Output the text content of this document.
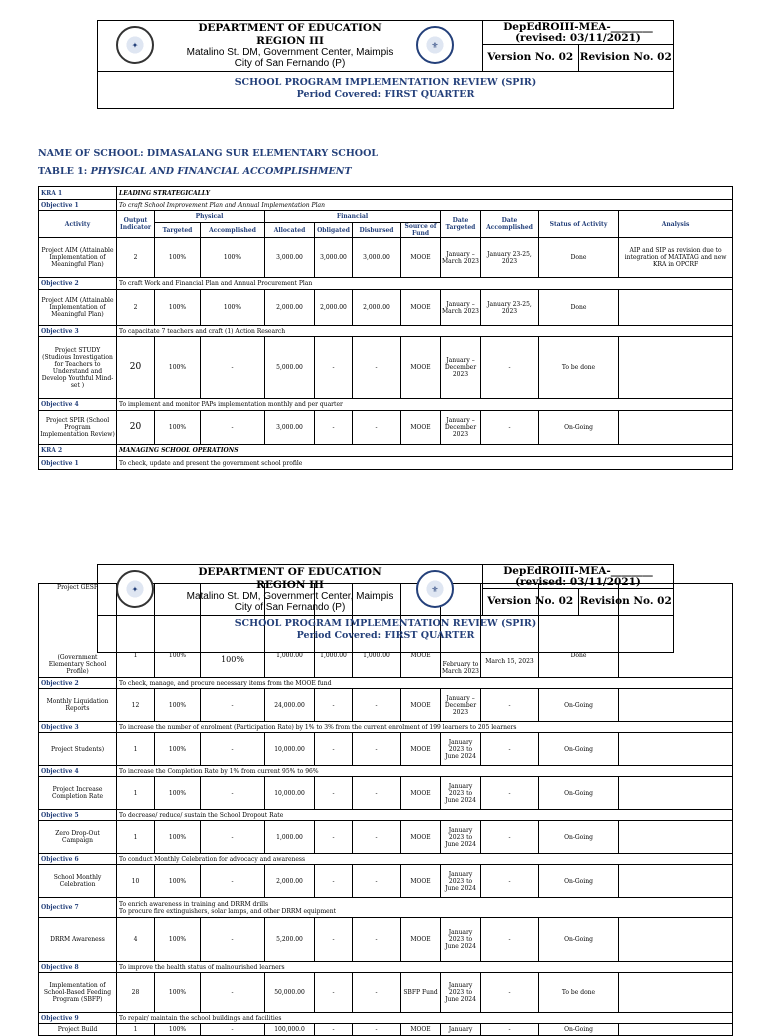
✦	⚜
DEPARTMENT OF EDUCATION
REGION III
Matalino St. DM, Government Center, Maimpis
City of San Fernando (P)
DepEdROIII-MEA-________
(revised: 03/11/2021)
Version No. 02 Revision No. 02
SCHOOL PROGRAM IMPLEMENTATION REVIEW (SPIR)
Period Covered: FIRST QUARTER
NAME OF SCHOOL: DIMASALANG SUR ELEMENTARY SCHOOL
TABLE 1: PHYSICAL AND FINANCIAL ACCOMPLISHMENT
KRA 1	LEADING STRATEGICALLY										
Objective 1	To craft School Improvement Plan and Annual Implementation Plan										
Activity	Output Indicator	Physical		Financial				Date Targeted	Date Accomplished	Status of Activity	Analysis
		Targeted	Accomplished	Allocated	Obligated	Disbursed	Source of Fund				
Project AIM (Attainable Implementation of Meaningful Plan)	2	100%	100%	3,000.00	3,000.00	3,000.00	MOOE	January – March 2023	January 23-25, 2023	Done	AIP and SIP as revision due to integration of MATATAG and new KRA in OPCRF
Objective 2	To craft Work and Financial Plan and Annual Procurement Plan										
Project AIM (Attainable Implementation of Meaningful Plan)	2	100%	100%	2,000.00	2,000.00	2,000.00	MOOE	January – March 2023	January 23-25, 2023	Done	
Objective 3	To capacitate 7 teachers and craft (1) Action Research										
Project STUDY (Studious Investigation for Teachers to Understand and Develop Youthful Mind-set )	20	100%	-	5,000.00	-	-	MOOE	January – December 2023	-	To be done	
Objective 4	To implement and monitor PAPs implementation monthly and per quarter										
Project SPIR (School Program Implementation Review)	20	100%	-	3,000.00	-	-	MOOE	January – December 2023	-	On-Going	
KRA 2	MANAGING SCHOOL OPERATIONS										
Objective 1	To check, update and present the government school profile										
Project GESP
(Government Elementary School Profile)	1	100%	100%	1,000.00	1,000.00	1,000.00	MOOE	February to March 2023	March 15, 2023	Done	
Objective 2	To check, manage, and procure necessary items from the MOOE fund										
Monthly Liquidation Reports	12	100%	-	24,000.00	-	-	MOOE	January – December 2023	-	On-Going	
Objective 3	To increase the number of enrolment (Participation Rate) by 1% to 3% from the current enrolment of 199 learners to 205 learners										
Project Students)	1	100%	-	10,000.00	-	-	MOOE	January 2023 to June 2024	-	On-Going	
Objective 4	To increase the Completion Rate by 1% from current 95% to 96%										
Project Increase Completion Rate	1	100%	-	10,000.00	-	-	MOOE	January 2023 to June 2024	-	On-Going	
Objective 5	To decrease/ reduce/ sustain the School Dropout Rate										
Zero Drop-Out Campaign	1	100%	-	1,000.00	-	-	MOOE	January 2023 to June 2024	-	On-Going	
Objective 6	To conduct Monthly Celebration for advocacy and awareness										
School Monthly Celebration	10	100%	-	2,000.00	-	-	MOOE	January 2023 to June 2024	-	On-Going	
Objective 7	To enrich awareness in training and DRRM drills
To procure fire extinguishers, solar lamps, and other DRRM equipment										
DRRM Awareness	4	100%	-	5,200.00	-	-	MOOE	January 2023 to June 2024	-	On-Going	
Objective 8	To improve the health status of malnourished learners										
Implementation of School-Based Feeding Program (SBFP)	28	100%	-	50,000.00	-	-	SBFP Fund	January 2023 to June 2024	-	To be done	
Objective 9	To repair/ maintain the school buildings and facilities										
Project Build	1	100%	-	100,000.0	-	-	MOOE	January	-	On-Going	
✦	⚜
DEPARTMENT OF EDUCATION
REGION III
Matalino St. DM, Government Center, Maimpis
City of San Fernando (P)
DepEdROIII-MEA-________
(revised: 03/11/2021)
Version No. 02 Revision No. 02
SCHOOL PROGRAM IMPLEMENTATION REVIEW (SPIR)
Period Covered: FIRST QUARTER
